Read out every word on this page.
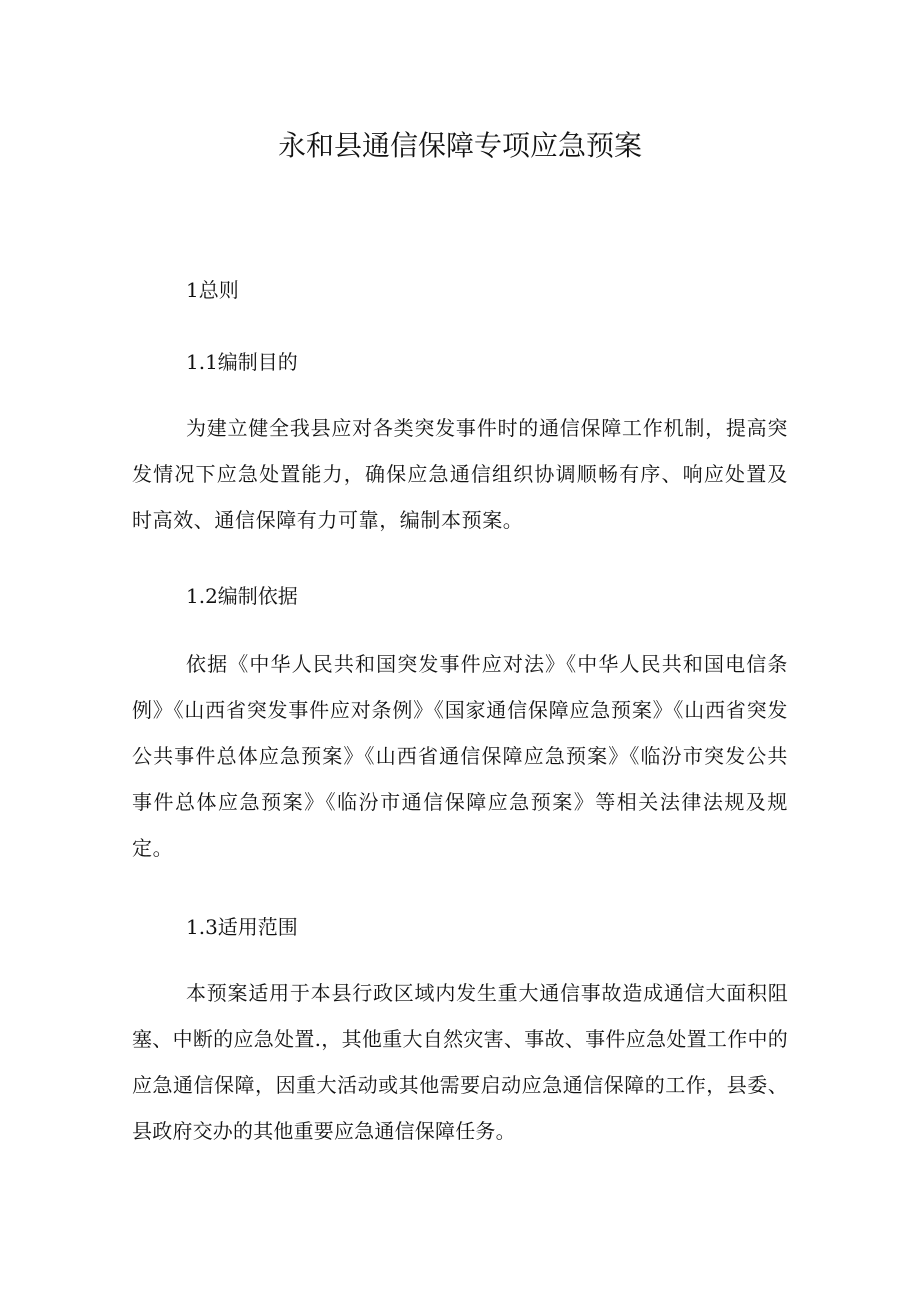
永和县通信保障专项应急预案
1总则
1.1编制目的

为建立健全我县应对各类突发事件时的通信保障工作机制，提高突发情况下应急处置能力，确保应急通信组织协调顺畅有序、响应处置及时高效、通信保障有力可靠，编制本预案。

1.2编制依据

依据《中华人民共和国突发事件应对法》《中华人民共和国电信条例》《山西省突发事件应对条例》《国家通信保障应急预案》《山西省突发公共事件总体应急预案》《山西省通信保障应急预案》《临汾市突发公共事件总体应急预案》《临汾市通信保障应急预案》等相关法律法规及规定。

1.3适用范围

本预案适用于本县行政区域内发生重大通信事故造成通信大面积阻塞、中断的应急处置.，其他重大自然灾害、事故、事件应急处置工作中的应急通信保障，因重大活动或其他需要启动应急通信保障的工作，县委、县政府交办的其他重要应急通信保障任务。
